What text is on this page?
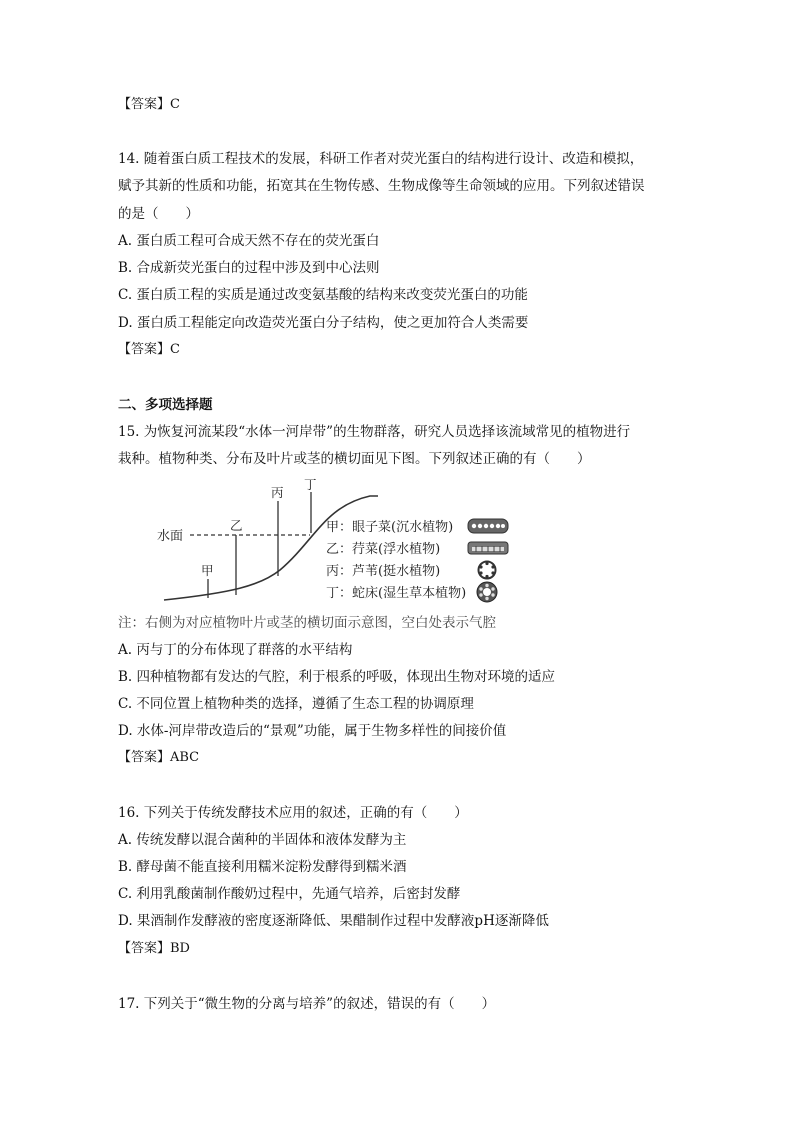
【答案】C
14. 随着蛋白质工程技术的发展，科研工作者对荧光蛋白的结构进行设计、改造和模拟，
赋予其新的性质和功能，拓宽其在生物传感、生物成像等生命领域的应用。下列叙述错误
的是（　　）
A. 蛋白质工程可合成天然不存在的荧光蛋白
B. 合成新荧光蛋白的过程中涉及到中心法则
C. 蛋白质工程的实质是通过改变氨基酸的结构来改变荧光蛋白的功能
D. 蛋白质工程能定向改造荧光蛋白分子结构，使之更加符合人类需要
【答案】C
二、多项选择题
15. 为恢复河流某段“水体一河岸带”的生物群落，研究人员选择该流域常见的植物进行
栽种。植物种类、分布及叶片或茎的横切面见下图。下列叙述正确的有（　　）
水面
甲
乙
丙
丁
甲：眼子菜(沉水植物)
乙：荇菜(浮水植物)
丙：芦苇(挺水植物)
丁：蛇床(湿生草本植物)
注：右侧为对应植物叶片或茎的横切面示意图，空白处表示气腔
A. 丙与丁的分布体现了群落的水平结构
B. 四种植物都有发达的气腔，利于根系的呼吸，体现出生物对环境的适应
C. 不同位置上植物种类的选择，遵循了生态工程的协调原理
D. 水体-河岸带改造后的“景观”功能，属于生物多样性的间接价值
【答案】ABC
16. 下列关于传统发酵技术应用的叙述，正确的有（　　）
A. 传统发酵以混合菌种的半固体和液体发酵为主
B. 酵母菌不能直接利用糯米淀粉发酵得到糯米酒
C. 利用乳酸菌制作酸奶过程中，先通气培养，后密封发酵
D. 果酒制作发酵液的密度逐渐降低、果醋制作过程中发酵液pH逐渐降低
【答案】BD
17. 下列关于“微生物的分离与培养”的叙述，错误的有（　　）
